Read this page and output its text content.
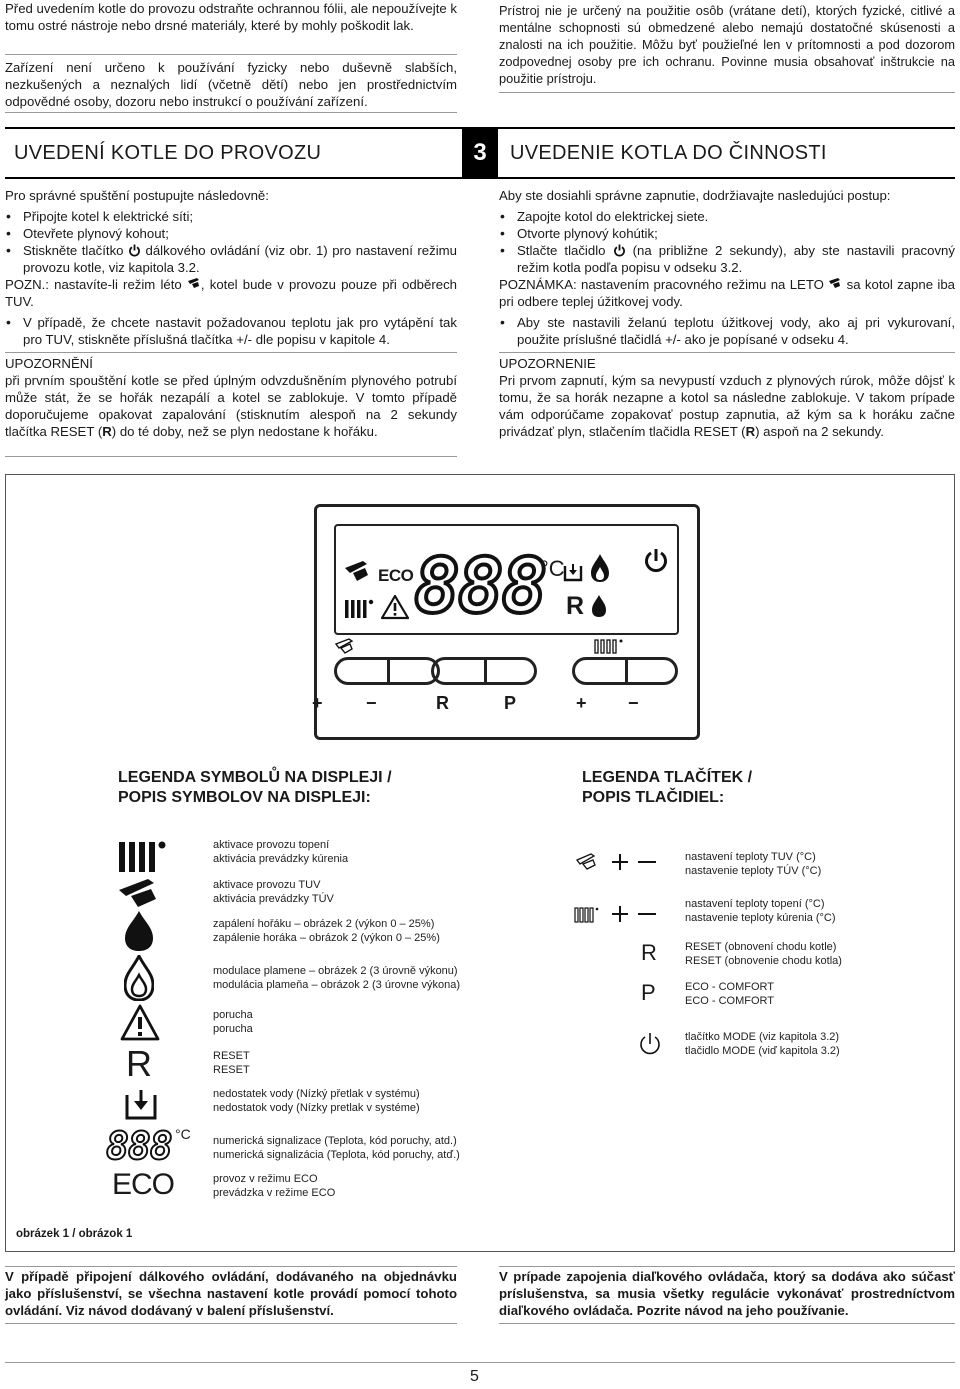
Před uvedením kotle do provozu odstraňte ochrannou fólii, ale nepoužívejte k tomu ostré nástroje nebo drsné materiály, které by mohly poškodit lak.
Zařízení není určeno k používání fyzicky nebo duševně slabších, nezkušených a neznalých lidí (včetně dětí) nebo jen prostřednictvím odpovědné osoby, dozoru nebo instrukcí o používání zařízení.
Prístroj nie je určený na použitie osôb (vrátane detí), ktorých fyzické, citlivé a mentálne schopnosti sú obmedzené alebo nemajú dostatočné skúsenosti a znalosti na ich použitie. Môžu byť použieľné len v prítomnosti a pod dozorom zodpovednej osoby pre ich ochranu. Povinne musia obsahovať inštrukcie na použitie prístroju.
UVEDENÍ KOTLE DO PROVOZU	3	UVEDENIE KOTLA DO ČINNOSTI

Pro správné spuštění postupujte následovně:

• Připojte kotel k elektrické síti;
• Otevřete plynový kohout;
• Stiskněte tlačítko dálkového ovládání (viz obr. 1) pro nastavení režimu provozu kotle, viz kapitola 3.2.

POZN.: nastavíte-li režim léto , kotel bude v provozu pouze při odběrech TUV.

• V případě, že chcete nastavit požadovanou teplotu jak pro vytápění tak pro TUV, stiskněte příslušná tlačítka +/- dle popisu v kapitole 4.

UPOZORNĚNÍ

při prvním spouštění kotle se před úplným odvzdušněním plynového potrubí může stát, že se hořák nezapálí a kotel se zablokuje. V tomto případě doporučujeme opakovat zapalování (stisknutím alespoň na 2 sekundy tlačítka RESET (R) do té doby, než se plyn nedostane k hořáku.

Aby ste dosiahli správne zapnutie, dodržiavajte nasledujúci postup:

• Zapojte kotol do elektrickej siete.
• Otvorte plynový kohútik;
• Stlačte tlačidlo (na približne 2 sekundy), aby ste nastavili pracovný režim kotla podľa popisu v odseku 3.2.

POZNÁMKA: nastavením pracovného režimu na LETO sa kotol zapne iba pri odbere teplej úžitkovej vody.

• Aby ste nastavili želanú teplotu úžitkovej vody, ako aj pri vykurovaní, použite príslušné tlačidlá +/- ako je popísané v odseku 4.

UPOZORNENIE

Pri prvom zapnutí, kým sa nevypustí vzduch z plynových rúrok, môže dôjsť k tomu, že sa horák nezapne a kotol sa následne zablokuje. V takom prípade vám odporúčame zopakovať postup zapnutia, až kým sa k horáku začne privádzať plyn, stlačením tlačidla RESET (R) aspoň na 2 sekundy.

ECO 888
°C
R
+ −	R	P	+ −
LEGENDA SYMBOLŮ NA DISPLEJI /
POPIS SYMBOLOV NA DISPLEJI:
LEGENDA TLAČÍTEK /
POPIS TLAČIDIEL:
aktivace provozu topení
aktivácia prevádzky kúrenia
aktivace provozu TUV
aktivácia prevádzky TÚV
zapálení hořáku – obrázek 2 (výkon 0 – 25%)
zapálenie horáka – obrázok 2 (výkon 0 – 25%)
modulace plamene – obrázek 2 (3 úrovně výkonu)
modulácia plameňa – obrázok 2 (3 úrovne výkona)
porucha
porucha
R	RESET
RESET
nedostatek vody (Nízký přetlak v systému)
nedostatok vody (Nízky pretlak v systéme)
888 °C numerická signalizace (Teplota, kód poruchy, atd.)
numerická signalizácia (Teplota, kód poruchy, atď.)
ECO	provoz v režimu ECO
prevádzka v režime ECO
nastavení teploty TUV (°C)
nastavenie teploty TÚV (°C)
nastavení teploty topení (°C)
nastavenie teploty kúrenia (°C)
R	RESET (obnovení chodu kotle)
RESET (obnovenie chodu kotla)
P	ECO - COMFORT
ECO - COMFORT
tlačítko MODE (viz kapitola 3.2)
tlačidlo MODE (viď kapitola 3.2)
obrázek 1 / obrázok 1
V případě připojení dálkového ovládání, dodávaného na objednávku jako příslušenství, se všechna nastavení kotle provádí pomocí tohoto ovládání. Viz návod dodávaný v balení příslušenství.
V prípade zapojenia diaľkového ovládača, ktorý sa dodáva ako súčasť príslušenstva, sa musia všetky regulácie vykonávať prostredníctvom diaľkového ovládača. Pozrite návod na jeho používanie.
5
